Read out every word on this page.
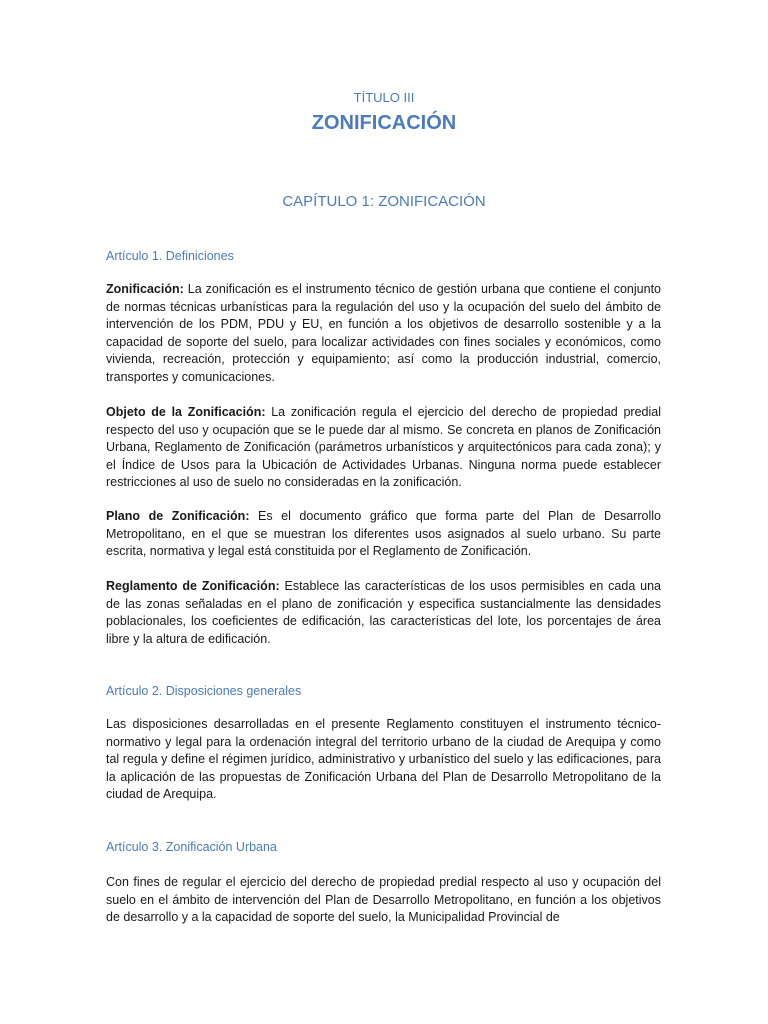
TÍTULO III
ZONIFICACIÓN
CAPÍTULO 1: ZONIFICACIÓN
Artículo 1. Definiciones

Zonificación: La zonificación es el instrumento técnico de gestión urbana que contiene el conjunto de normas técnicas urbanísticas para la regulación del uso y la ocupación del suelo del ámbito de intervención de los PDM, PDU y EU, en función a los objetivos de desarrollo sostenible y a la capacidad de soporte del suelo, para localizar actividades con fines sociales y económicos, como vivienda, recreación, protección y equipamiento; así como la producción industrial, comercio, transportes y comunicaciones.

Objeto de la Zonificación: La zonificación regula el ejercicio del derecho de propiedad predial respecto del uso y ocupación que se le puede dar al mismo. Se concreta en planos de Zonificación Urbana, Reglamento de Zonificación (parámetros urbanísticos y arquitectónicos para cada zona); y el Índice de Usos para la Ubicación de Actividades Urbanas. Ninguna norma puede establecer restricciones al uso de suelo no consideradas en la zonificación.

Plano de Zonificación: Es el documento gráfico que forma parte del Plan de Desarrollo Metropolitano, en el que se muestran los diferentes usos asignados al suelo urbano. Su parte escrita, normativa y legal está constituida por el Reglamento de Zonificación.

Reglamento de Zonificación: Establece las características de los usos permisibles en cada una de las zonas señaladas en el plano de zonificación y especifica sustancialmente las densidades poblacionales, los coeficientes de edificación, las características del lote, los porcentajes de área libre y la altura de edificación.

Artículo 2. Disposiciones generales

Las disposiciones desarrolladas en el presente Reglamento constituyen el instrumento técnico-normativo y legal para la ordenación integral del territorio urbano de la ciudad de Arequipa y como tal regula y define el régimen jurídico, administrativo y urbanístico del suelo y las edificaciones, para la aplicación de las propuestas de Zonificación Urbana del Plan de Desarrollo Metropolitano de la ciudad de Arequipa.

Artículo 3. Zonificación Urbana

Con fines de regular el ejercicio del derecho de propiedad predial respecto al uso y ocupación del suelo en el ámbito de intervención del Plan de Desarrollo Metropolitano, en función a los objetivos de desarrollo y a la capacidad de soporte del suelo, la Municipalidad Provincial de
